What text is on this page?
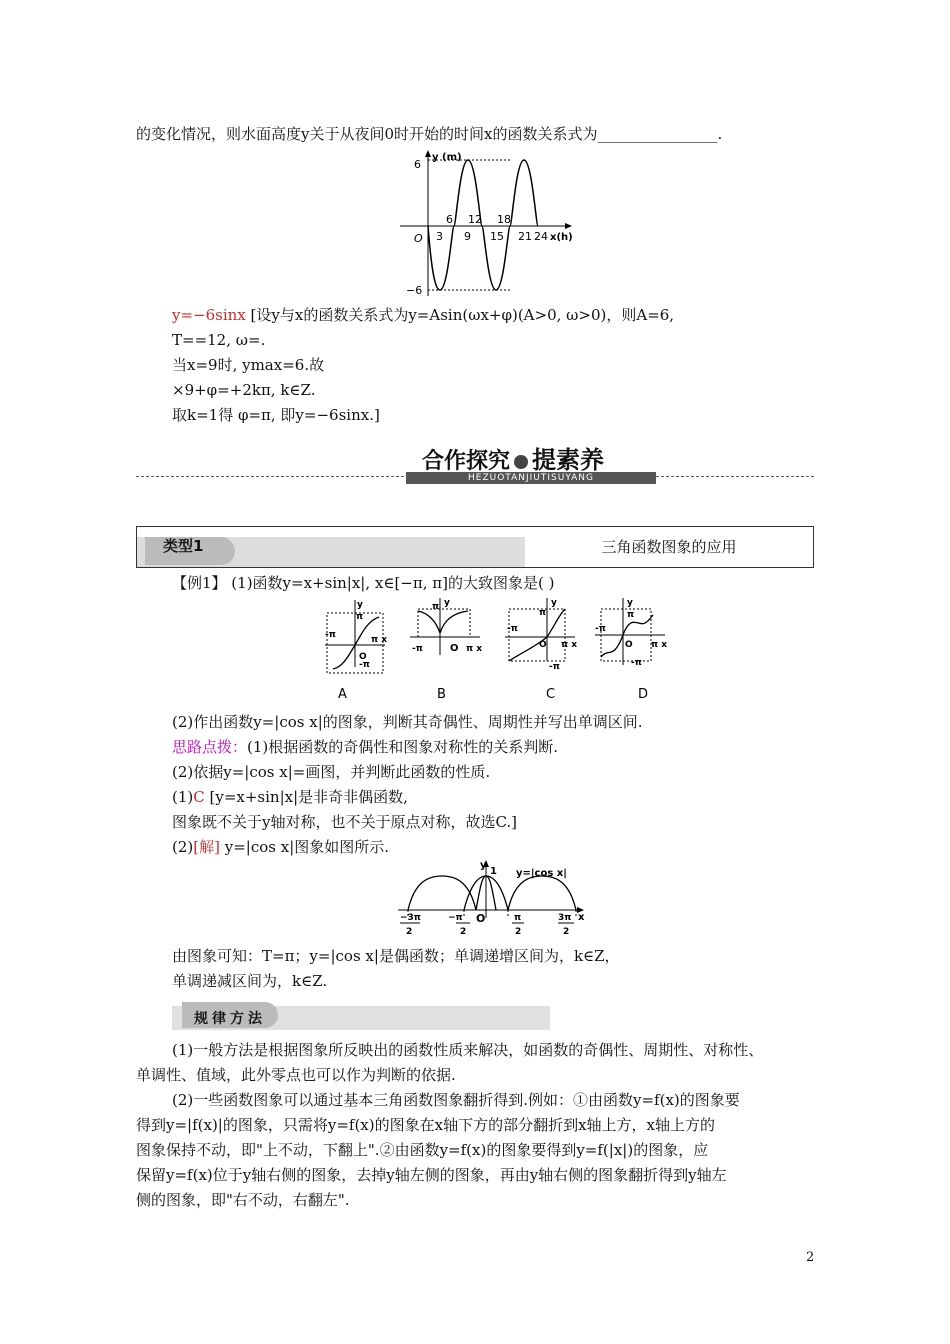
的变化情况，则水面高度y关于从夜间0时开始的时间x的函数关系式为________________.
y (m)
6
−6
O
6 12 18
3 9 15 21 24 x(h)
y=−6sinx [设y与x的函数关系式为y=Asin(ωx+φ)(A>0, ω>0)，则A=6,
T==12, ω=.
当x=9时, ymax=6.故
×9+φ=+2kπ, k∈Z.
取k=1得 φ=π, 即y=−6sinx.]
HEZUOTANJIUTISUYANG
合作探究 提素养
类型1	三角函数图象的应用
【例1】 (1)函数y=x+sin|x|, x∈[−π, π]的大致图象是( )
-π
y
π
O
π x
-π
y
π
-π	O π x
y
π
-π
O π x
-π
y
π
-π
O π x
-π
A	B	C	D
(2)作出函数y=|cos x|的图象，判断其奇偶性、周期性并写出单调区间.
思路点拨：(1)根据函数的奇偶性和图象对称性的关系判断.
(2)依据y=|cos x|=画图，并判断此函数的性质.
(1)C [y=x+sin|x|是非奇非偶函数,
图象既不关于y轴对称，也不关于原点对称，故选C.]
(2)[解] y=|cos x|图象如图所示.
y=|cos x|
1
y
O	x
−3π
2
−π
2
π
2
3π
2
由图象可知：T=π；y=|cos x|是偶函数；单调递增区间为，k∈Z，
单调递减区间为，k∈Z.
规律方法
(1)一般方法是根据图象所反映出的函数性质来解决，如函数的奇偶性、周期性、对称性、
单调性、值域，此外零点也可以作为判断的依据.
(2)一些函数图象可以通过基本三角函数图象翻折得到.例如：①由函数y=f(x)的图象要
得到y=|f(x)|的图象，只需将y=f(x)的图象在x轴下方的部分翻折到x轴上方，x轴上方的
图象保持不动，即"上不动，下翻上".②由函数y=f(x)的图象要得到y=f(|x|)的图象，应
保留y=f(x)位于y轴右侧的图象，去掉y轴左侧的图象，再由y轴右侧的图象翻折得到y轴左
侧的图象，即"右不动，右翻左".
2
